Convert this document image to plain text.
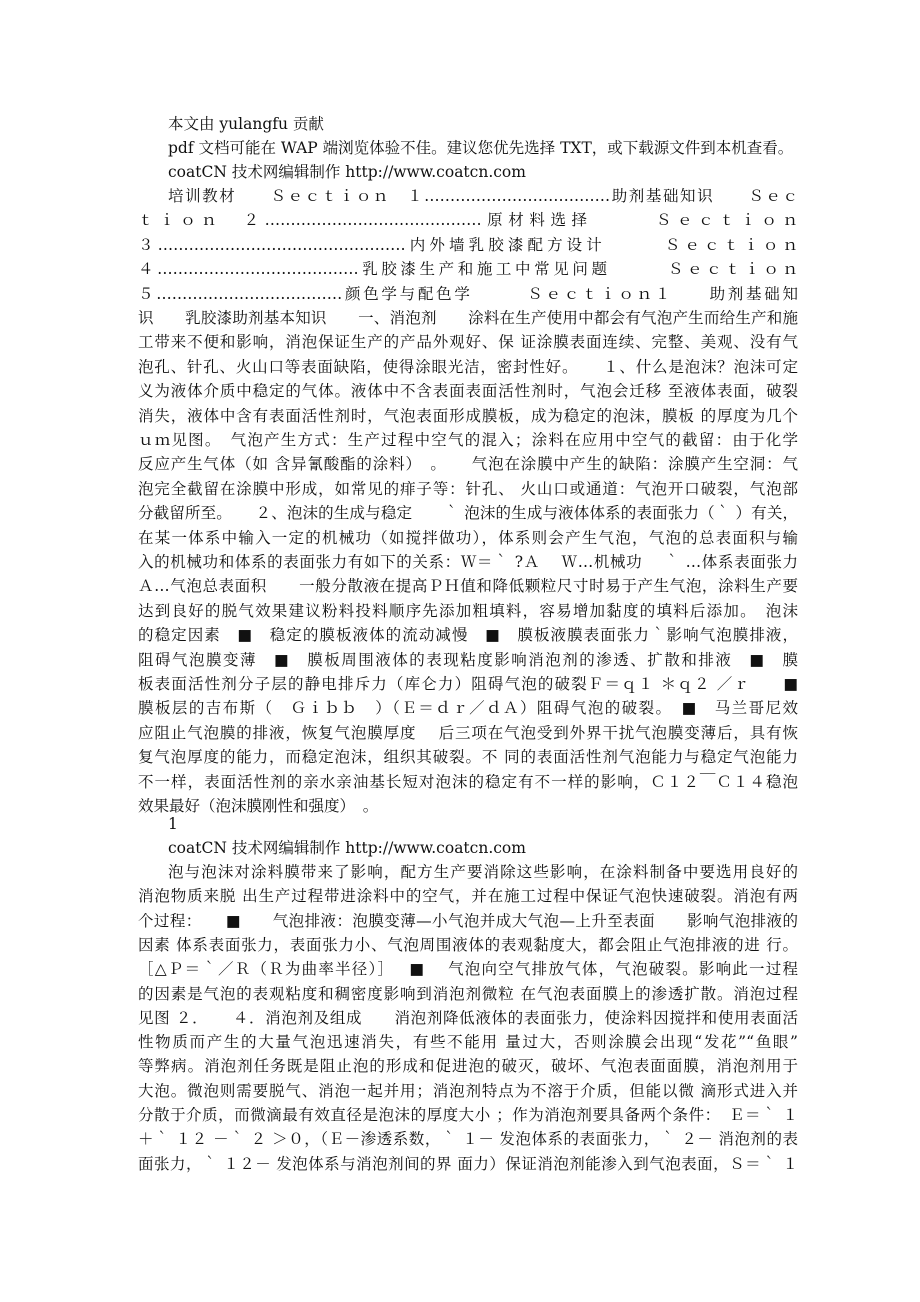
本文由 yulangfu 贡献
pdf 文档可能在 WAP 端浏览体验不佳。建议您优先选择 TXT，或下载源文件到本机查看。
coatCN 技术网编辑制作 http://www.coatcn.com
培训教材　　Ｓｅｃｔｉｏｎ　１………………………………助剂基础知识　　Ｓｅｃ
ｔｉｏｎ　２……………………………………原材料选择　　　Ｓｅｃｔｉｏｎ
３…………………………………………内外墙乳胶漆配方设计　　　Ｓｅｃｔｉｏｎ
４…………………………………乳胶漆生产和施工中常见问题　　　Ｓｅｃｔｉｏｎ
５………………………………颜色学与配色学　　　Ｓｅｃｔｉｏｎ１　　助剂基础知
识　　乳胶漆助剂基本知识　　一、消泡剂　　涂料在生产使用中都会有气泡产生而给生产和施
工带来不便和影响，消泡保证生产的产品外观好、保 证涂膜表面连续、完整、美观、没有气
泡孔、针孔、火山口等表面缺陷，使得涂眼光洁，密封性好。　　１、什么是泡沫？泡沫可定
义为液体介质中稳定的气体。液体中不含表面表面活性剂时，气泡会迁移 至液体表面，破裂
消失，液体中含有表面活性剂时，气泡表面形成膜板，成为稳定的泡沫，膜板 的厚度为几个
ｕｍ见图。　气泡产生方式：生产过程中空气的混入；涂料在应用中空气的截留：由于化学
反应产生气体（如 含异氰酸酯的涂料）　。　　气泡在涂膜中产生的缺陷：涂膜产生空洞：气
泡完全截留在涂膜中形成，如常见的痱子等：针孔、 火山口或通道：气泡开口破裂，气泡部
分截留所至。　　２、泡沫的生成与稳定　　｀ 泡沫的生成与液体体系的表面张力（｀ ）有关，
在某一体系中输入一定的机械功（如搅拌做功），体系则会产生气泡，气泡的总表面积与输
入的机械功和体系的表面张力有如下的关系：Ｗ＝｀ ?Ａ　 Ｗ…机械功　 ｀ …体系表面张力
Ａ…气泡总表面积　　一般分散液在提高ＰＨ值和降低颗粒尺寸时易于产生气泡，涂料生产要
达到良好的脱气效果建议粉料投料顺序先添加粗填料，容易增加黏度的填料后添加。　泡沫
的稳定因素　■　稳定的膜板液体的流动减慢　■　膜板液膜表面张力｀影响气泡膜排液，
阻碍气泡膜变薄　■　膜板周围液体的表现粘度影响消泡剂的渗透、扩散和排液　■　膜
板表面活性剂分子层的静电排斥力（库仑力）阻碍气泡的破裂Ｆ＝ｑ１ ＊ｑ２ ／ｒ　　■
膜板层的吉布斯（　Ｇｉｂｂ　）（Ｅ＝ｄｒ／ｄＡ）阻碍气泡的破裂。　■　马兰哥尼效
应阻止气泡膜的排液，恢复气泡膜厚度　 后三项在气泡受到外界干扰气泡膜变薄后，具有恢
复气泡厚度的能力，而稳定泡沫，组织其破裂。不 同的表面活性剂气泡能力与稳定气泡能力
不一样，表面活性剂的亲水亲油基长短对泡沫的稳定有不一样的影响，Ｃ１２￣Ｃ１４稳泡
效果最好（泡沫膜刚性和强度）　。
1
coatCN 技术网编辑制作 http://www.coatcn.com
泡与泡沫对涂料膜带来了影响，配方生产要消除这些影响，在涂料制备中要选用良好的
消泡物质来脱 出生产过程带进涂料中的空气，并在施工过程中保证气泡快速破裂。消泡有两
个过程：　　■　　气泡排液：泡膜变薄—小气泡并成大气泡—上升至表面　　影响气泡排液的
因素 体系表面张力，表面张力小、气泡周围液体的表观黏度大，都会阻止气泡排液的进 行。
［△Ｐ＝｀／Ｒ（Ｒ为曲率半径）］　 ■　 气泡向空气排放气体，气泡破裂。影响此一过程
的因素是气泡的表观粘度和稠密度影响到消泡剂微粒 在气泡表面膜上的渗透扩散。消泡过程
见图 ２．　　４．消泡剂及组成　　消泡剂降低液体的表面张力，使涂料因搅拌和使用表面活
性物质而产生的大量气泡迅速消失，有些不能用 量过大，否则涂膜会出现“发花”“鱼眼”
等弊病。消泡剂任务既是阻止泡的形成和促进泡的破灭，破坏、气泡表面面膜，消泡剂用于
大泡。微泡则需要脱气、消泡一起并用；消泡剂特点为不溶于介质，但能以微 滴形式进入并
分散于介质，而微滴最有效直径是泡沫的厚度大小 ；作为消泡剂要具备两个条件：　Ｅ＝｀ １
＋｀ １２ －｀ ２ ＞０，（Ｅ－渗透系数，｀ １－ 发泡体系的表面张力，｀ ２－ 消泡剂的表
面张力，｀ １２－ 发泡体系与消泡剂间的界 面力）保证消泡剂能渗入到气泡表面，Ｓ＝｀ １
